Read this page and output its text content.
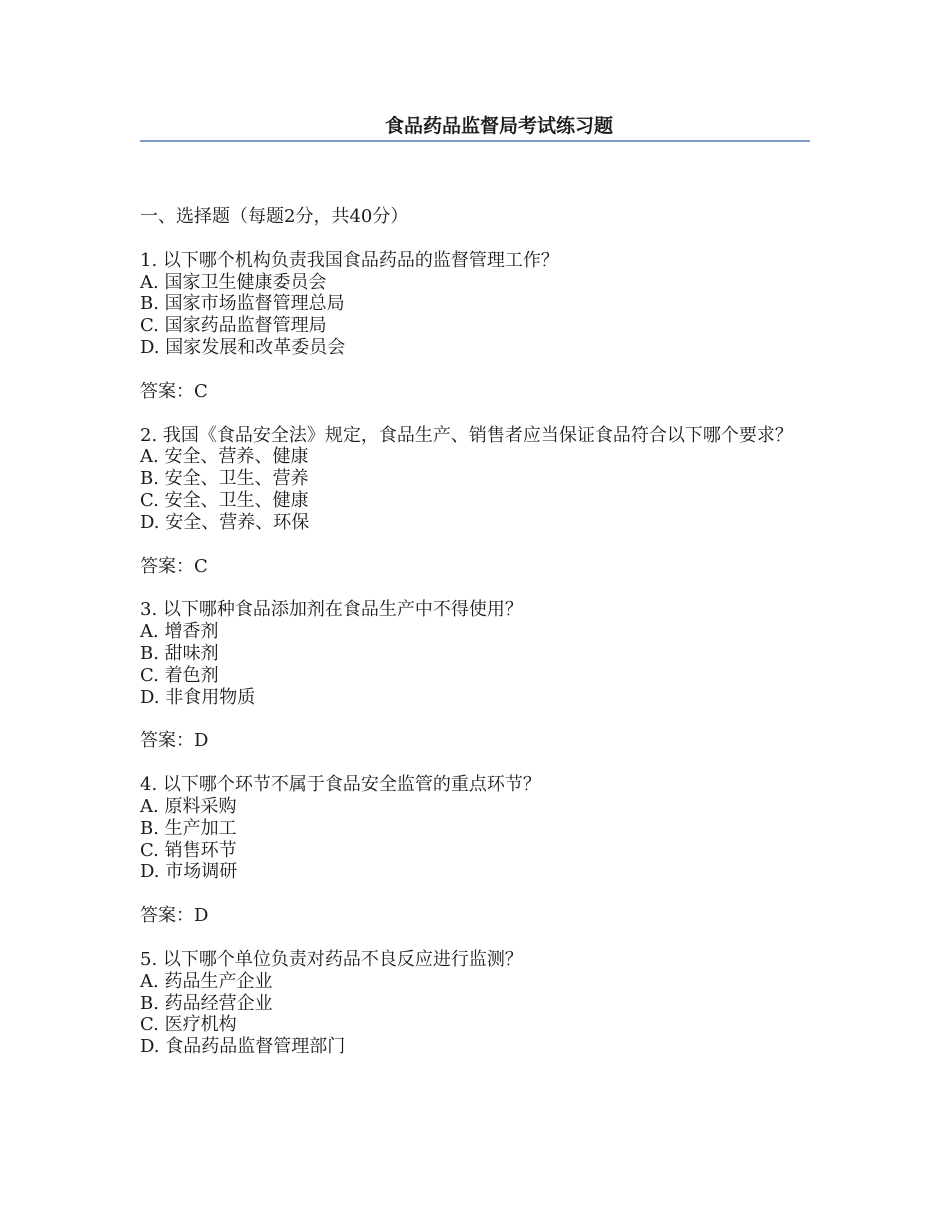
食品药品监督局考试练习题

一、选择题（每题2分，共40分）

1. 以下哪个机构负责我国食品药品的监督管理工作？

A. 国家卫生健康委员会

B. 国家市场监督管理总局

C. 国家药品监督管理局

D. 国家发展和改革委员会

答案：C

2. 我国《食品安全法》规定，食品生产、销售者应当保证食品符合以下哪个要求？

A. 安全、营养、健康

B. 安全、卫生、营养

C. 安全、卫生、健康

D. 安全、营养、环保

答案：C

3. 以下哪种食品添加剂在食品生产中不得使用？

A. 增香剂

B. 甜味剂

C. 着色剂

D. 非食用物质

答案：D

4. 以下哪个环节不属于食品安全监管的重点环节？

A. 原料采购

B. 生产加工

C. 销售环节

D. 市场调研

答案：D

5. 以下哪个单位负责对药品不良反应进行监测？

A. 药品生产企业

B. 药品经营企业

C. 医疗机构

D. 食品药品监督管理部门
